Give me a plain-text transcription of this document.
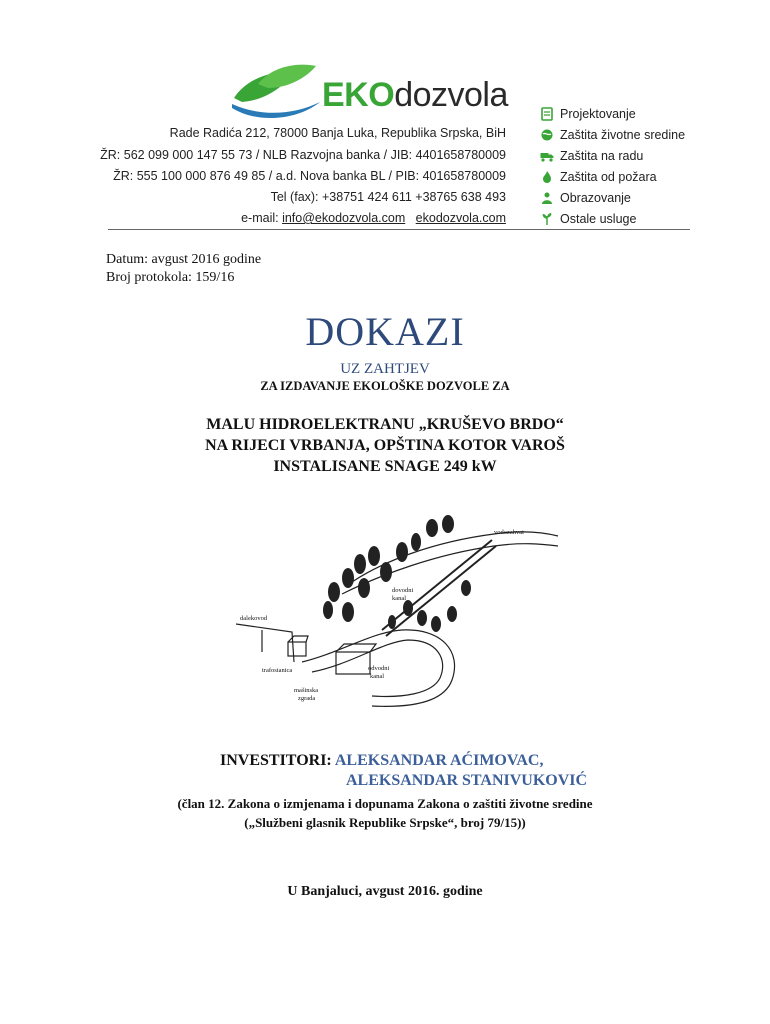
EKOdozvola
Rade Radića 212, 78000 Banja Luka, Republika Srpska, BiH
ŽR: 562 099 000 147 55 73 / NLB Razvojna banka / JIB: 4401658780009
ŽR: 555 100 000 876 49 85 / a.d. Nova banka BL / PIB: 401658780009
Tel (fax): +38751 424 611 +38765 638 493
e-mail: info@ekodozvola.com ekodozvola.com
Projektovanje
Zaštita životne sredine
Zaštita na radu
Zaštita od požara
Obrazovanje
Ostale usluge
Datum: avgust 2016 godine
Broj protokola: 159/16
DOKAZI
UZ ZAHTJEV
ZA IZDAVANJE EKOLOŠKE DOZVOLE ZA
MALU HIDROELEKTRANU „KRUŠEVO BRDO“
NA RIJECI VRBANJA, OPŠTINA KOTOR VAROŠ
INSTALISANE SNAGE 249 kW
vodozahvat
dovodni
kanal
dalekovod
trafostanica	odvodni
kanal
mašinska
zgrada
INVESTITORI: ALEKSANDAR AĆIMOVAC,
ALEKSANDAR STANIVUKOVIĆ
(član 12. Zakona o izmjenama i dopunama Zakona o zaštiti životne sredine
(„Službeni glasnik Republike Srpske“, broj 79/15))
U Banjaluci, avgust 2016. godine
